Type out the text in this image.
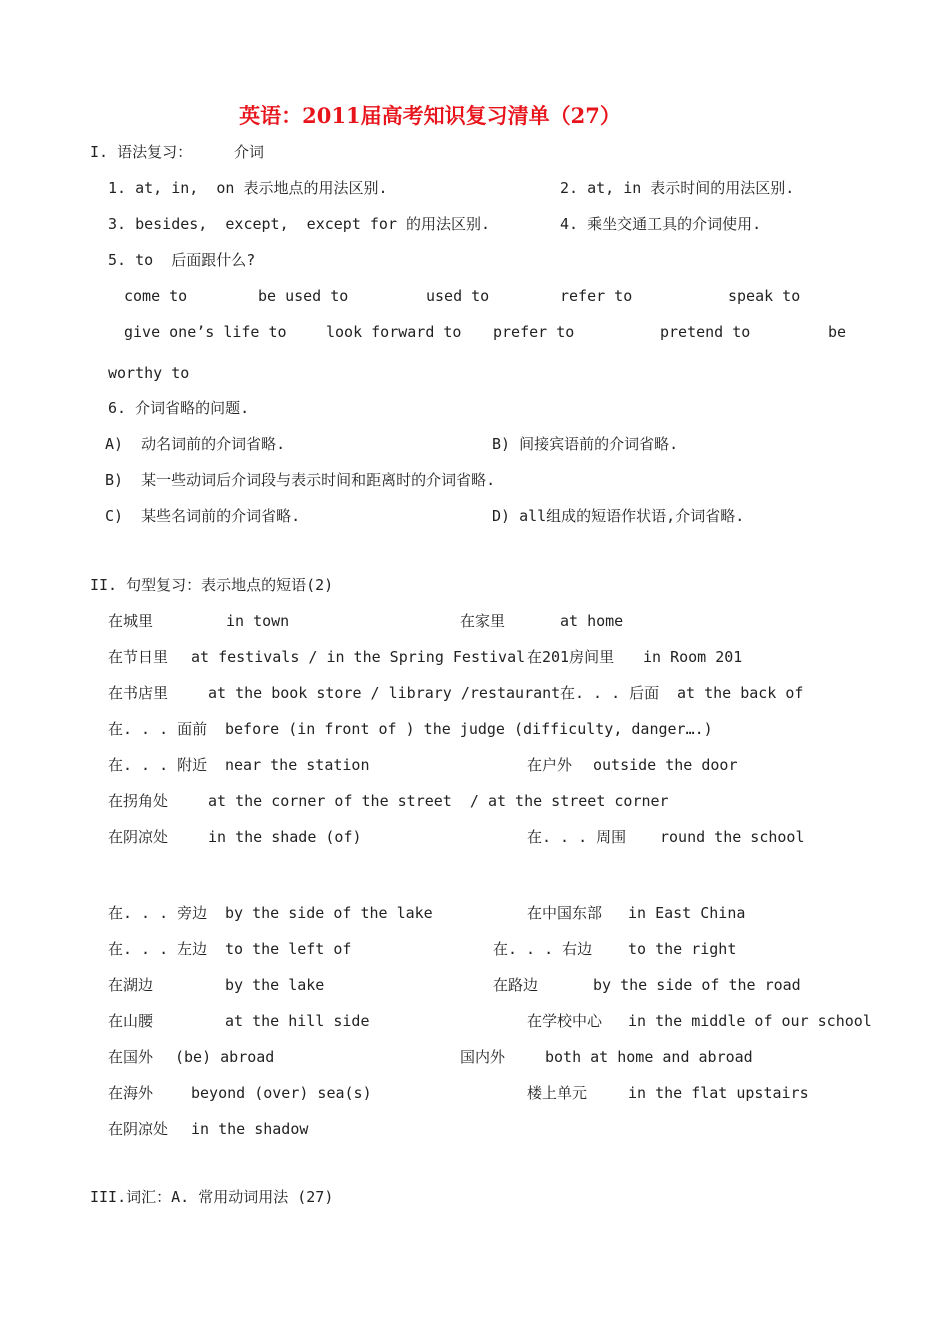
英语：2011届高考知识复习清单（27）
I. 语法复习：	介词
1. at, in,  on 表示地点的用法区别.	2. at, in 表示时间的用法区别.
3. besides,  except,  except for 的用法区别.	4. 乘坐交通工具的介词使用.
5. to  后面跟什么?
come to	be used to	used to	refer to	speak to
give one’s life to	look forward to prefer to	pretend to	be
worthy to
6. 介词省略的问题.
A)  动名词前的介词省略.	B) 间接宾语前的介词省略.
B)  某一些动词后介词段与表示时间和距离时的介词省略.
C)  某些名词前的介词省略.	D) all组成的短语作状语,介词省略.
II. 句型复习：表示地点的短语(2)
在城里	in town	在家里	at home
在节日里 at festivals / in the Spring Festival 在201房间里 in Room 201
在书店里	at the book store / library /restaurant 在. . . 后面 at the back of
在. . . 面前 before (in front of ) the judge (difficulty, danger….)
在. . . 附近 near the station	在户外 outside the door
在拐角处	at the corner of the street  / at the street corner
在阴凉处	in the shade (of)	在. . . 周围 round the school
在. . . 旁边 by the side of the lake	在中国东部 in East China
在. . . 左边 to the left of	在. . . 右边 to the right
在湖边	by the lake	在路边	by the side of the road
在山腰	at the hill side	在学校中心 in the middle of our school
在国外 (be) abroad	国内外	both at home and abroad
在海外	beyond (over) sea(s)	楼上单元	in the flat upstairs
在阴凉处 in the shadow
III.词汇：A. 常用动词用法 (27)
